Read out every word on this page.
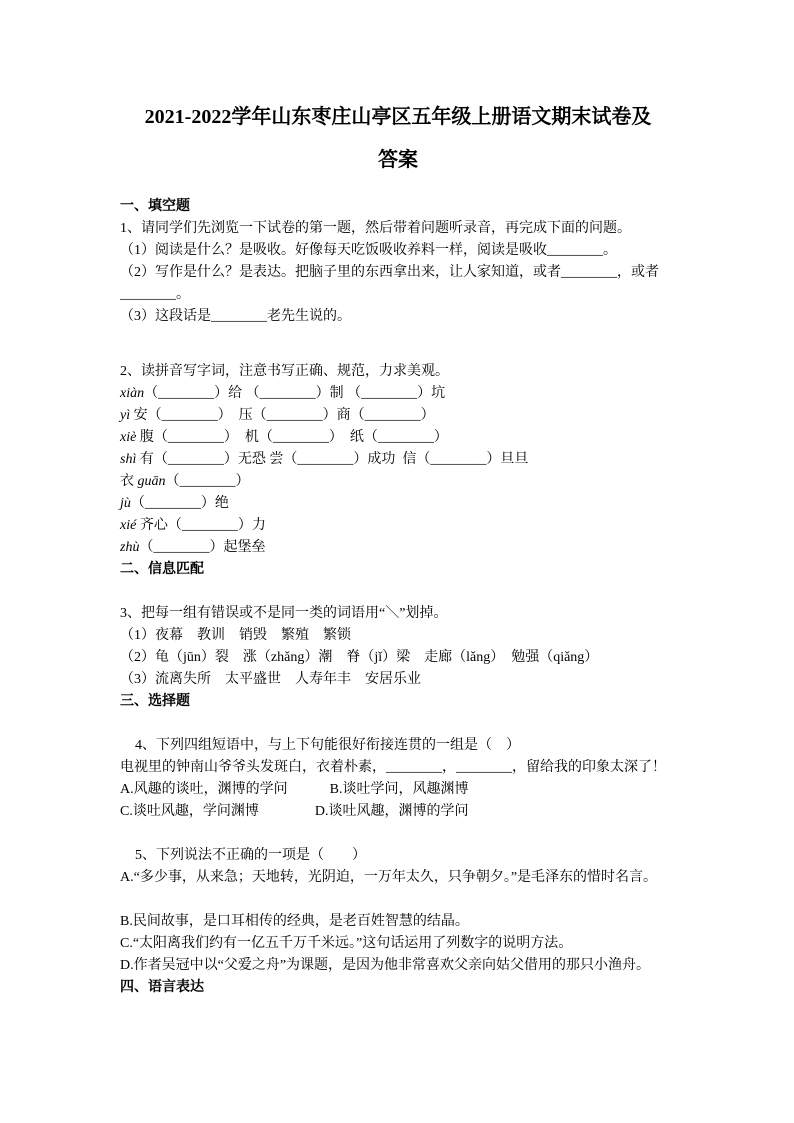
2021-2022学年山东枣庄山亭区五年级上册语文期末试卷及
答案

一、填空题

1、请同学们先浏览一下试卷的第一题，然后带着问题听录音，再完成下面的问题。

（1）阅读是什么？是吸收。好像每天吃饭吸收养料一样，阅读是吸收________。

（2）写作是什么？是表达。把脑子里的东西拿出来，让人家知道，或者________，或者

________。

（3）这段话是________老先生说的。

2、读拼音写字词，注意书写正确、规范，力求美观。

xiàn（________）给 （________）制 （________）坑

yì 安（________）　压（________）商（________）

xiè 腹（________）　机（________）　纸（________）

shì 有（________）无恐 尝（________）成功  信（________）旦旦

衣 guān（________）

jù（________）绝

xié 齐心（________）力

zhù（________）起堡垒

二、信息匹配

3、把每一组有错误或不是同一类的词语用“＼”划掉。

（1）夜幕　教训　销毁　繁殖　繁锁

（2）龟（jūn）裂　涨（zhǎng）潮　脊（jǐ）梁　走廊（lǎng）　勉强（qiǎng）

（3）流离失所　太平盛世　人寿年丰　安居乐业

三、选择题

4、下列四组短语中，与上下句能很好衔接连贯的一组是（　）

电视里的钟南山爷爷头发斑白，衣着朴素，________，________，留给我的印象太深了！

A.风趣的谈吐，渊博的学问　　　B.谈吐学问，风趣渊博

C.谈吐风趣，学问渊博　　　　D.谈吐风趣，渊博的学问

5、下列说法不正确的一项是（　　）

A.“多少事，从来急；天地转，光阴迫，一万年太久，只争朝夕。”是毛泽东的惜时名言。

B.民间故事，是口耳相传的经典，是老百姓智慧的结晶。

C.“太阳离我们约有一亿五千万千米远。”这句话运用了列数字的说明方法。

D.作者吴冠中以“父爱之舟”为课题，是因为他非常喜欢父亲向姑父借用的那只小渔舟。

四、语言表达
